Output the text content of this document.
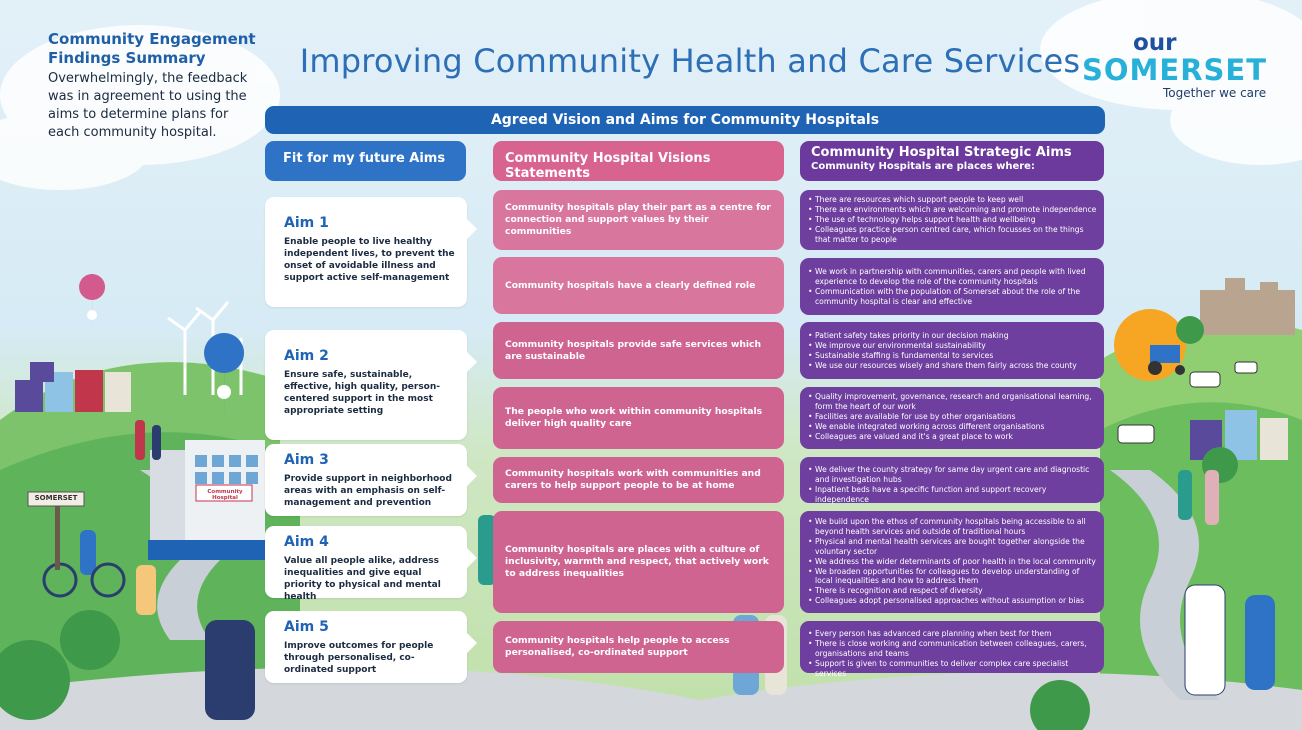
SOMERSET
Community Hospital
Community Engagement Findings Summary
Overwhelmingly, the feedback was in agreement to using the aims to determine plans for each community hospital.
Improving Community Health and Care Services	our
SOMERSET
Together we care
Agreed Vision and Aims for Community Hospitals
Fit for my future Aims	Community Hospital Visions Statements
Community Hospital Strategic Aims
Community Hospitals are places where:
Aim 1
Enable people to live healthy independent lives, to prevent the onset of avoidable illness and support active self-management
Aim 2
Ensure safe, sustainable, effective, high quality, person-centered support in the most appropriate setting
Aim 3
Provide support in neighborhood areas with an emphasis on self-management and prevention
Aim 4
Value all people alike, address inequalities and give equal priority to physical and mental health
Aim 5
Improve outcomes for people through personalised, co-ordinated support
Community hospitals play their part as a centre for connection and support values by their communities
Community hospitals have a clearly defined role
Community hospitals provide safe services which are sustainable
The people who work within community hospitals deliver high quality care
Community hospitals work with communities and carers to help support people to be at home
Community hospitals are places with a culture of inclusivity, warmth and respect, that actively work to address inequalities
Community hospitals help people to access personalised, co-ordinated support
• There are resources which support people to keep well
• There are environments which are welcoming and promote independence
• The use of technology helps support health and wellbeing
• Colleagues practice person centred care, which focusses on the things that matter to people
• We work in partnership with communities, carers and people with lived experience to develop the role of the community hospitals
• Communication with the population of Somerset about the role of the community hospital is clear and effective
• Patient safety takes priority in our decision making
• We improve our environmental sustainability
• Sustainable staffing is fundamental to services
• We use our resources wisely and share them fairly across the county
• Quality improvement, governance, research and organisational learning, form the heart of our work
• Facilities are available for use by other organisations
• We enable integrated working across different organisations
• Colleagues are valued and it's a great place to work
• We deliver the county strategy for same day urgent care and diagnostic and investigation hubs
• Inpatient beds have a specific function and support recovery independence
• We build upon the ethos of community hospitals being accessible to all beyond health services and outside of traditional hours
• Physical and mental health services are bought together alongside the voluntary sector
• We address the wider determinants of poor health in the local community
• We broaden opportunities for colleagues to develop understanding of local inequalities and how to address them
• There is recognition and respect of diversity
• Colleagues adopt personalised approaches without assumption or bias
• Every person has advanced care planning when best for them
• There is close working and communication between colleagues, carers, organisations and teams
• Support is given to communities to deliver complex care specialist services
